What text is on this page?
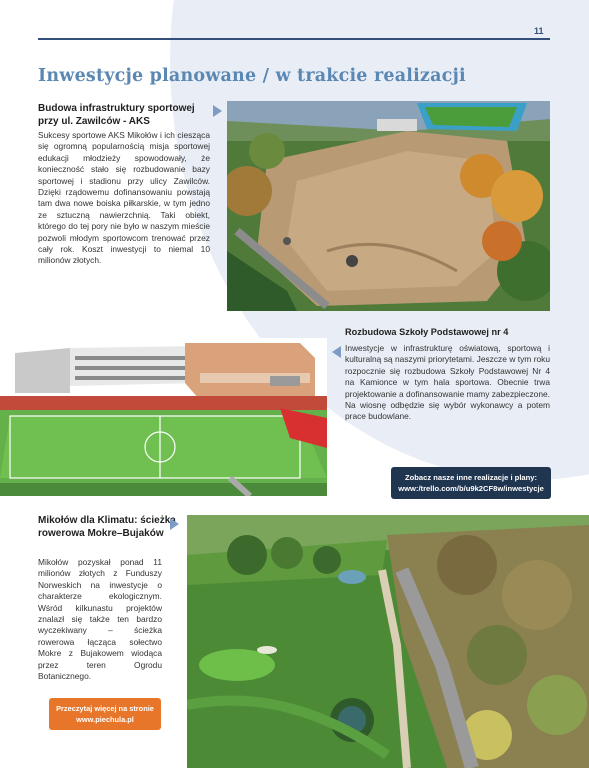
11
Inwestycje planowane / w trakcie realizacji
Budowa infrastruktury sportowej przy ul. Zawilców - AKS

Sukcesy sportowe AKS Mikołów i ich ciesząca się ogromną popularnością misja sportowej edukacji młodzieży spowodowały, że konieczność stało się rozbudowanie bazy sportowej i stadionu przy ulicy Zawilców. Dzięki rządowemu dofinansowaniu powstają tam dwa nowe boiska piłkarskie, w tym jedno ze sztuczną nawierzchnią. Taki obiekt, którego do tej pory nie było w naszym mieście pozwoli młodym sportowcom trenować przez cały rok. Koszt inwestycji to niemal 10 milionów złotych.

Rozbudowa Szkoły Podstawowej nr 4

Inwestycje w infrastrukturę oświatową, sportową i kulturalną są naszymi priorytetami. Jeszcze w tym roku rozpocznie się rozbudowa Szkoły Podstawowej Nr 4 na Kamionce w tym hala sportowa. Obecnie trwa projektowanie a dofinansowanie mamy zabezpieczone. Na wiosnę odbędzie się wybór wykonawcy a potem prace budowlane.

Zobacz nasze inne realizacje i plany:
www:/trello.com/b/u9k2CF8w/inwestycje
Mikołów dla Klimatu: ścieżka rowerowa Mokre–Bujaków

Mikołów pozyskał ponad 11 milionów złotych z Funduszy Norweskich na inwestycje o charakterze ekologicznym. Wśród kilkunastu projektów znalazł się także ten bardzo wyczekiwany – ścieżka rowerowa łącząca sołectwo Mokre z Bujakowem wiodąca przez teren Ogrodu Botanicznego.

Przeczytaj więcej na stronie
www.piechula.pl
